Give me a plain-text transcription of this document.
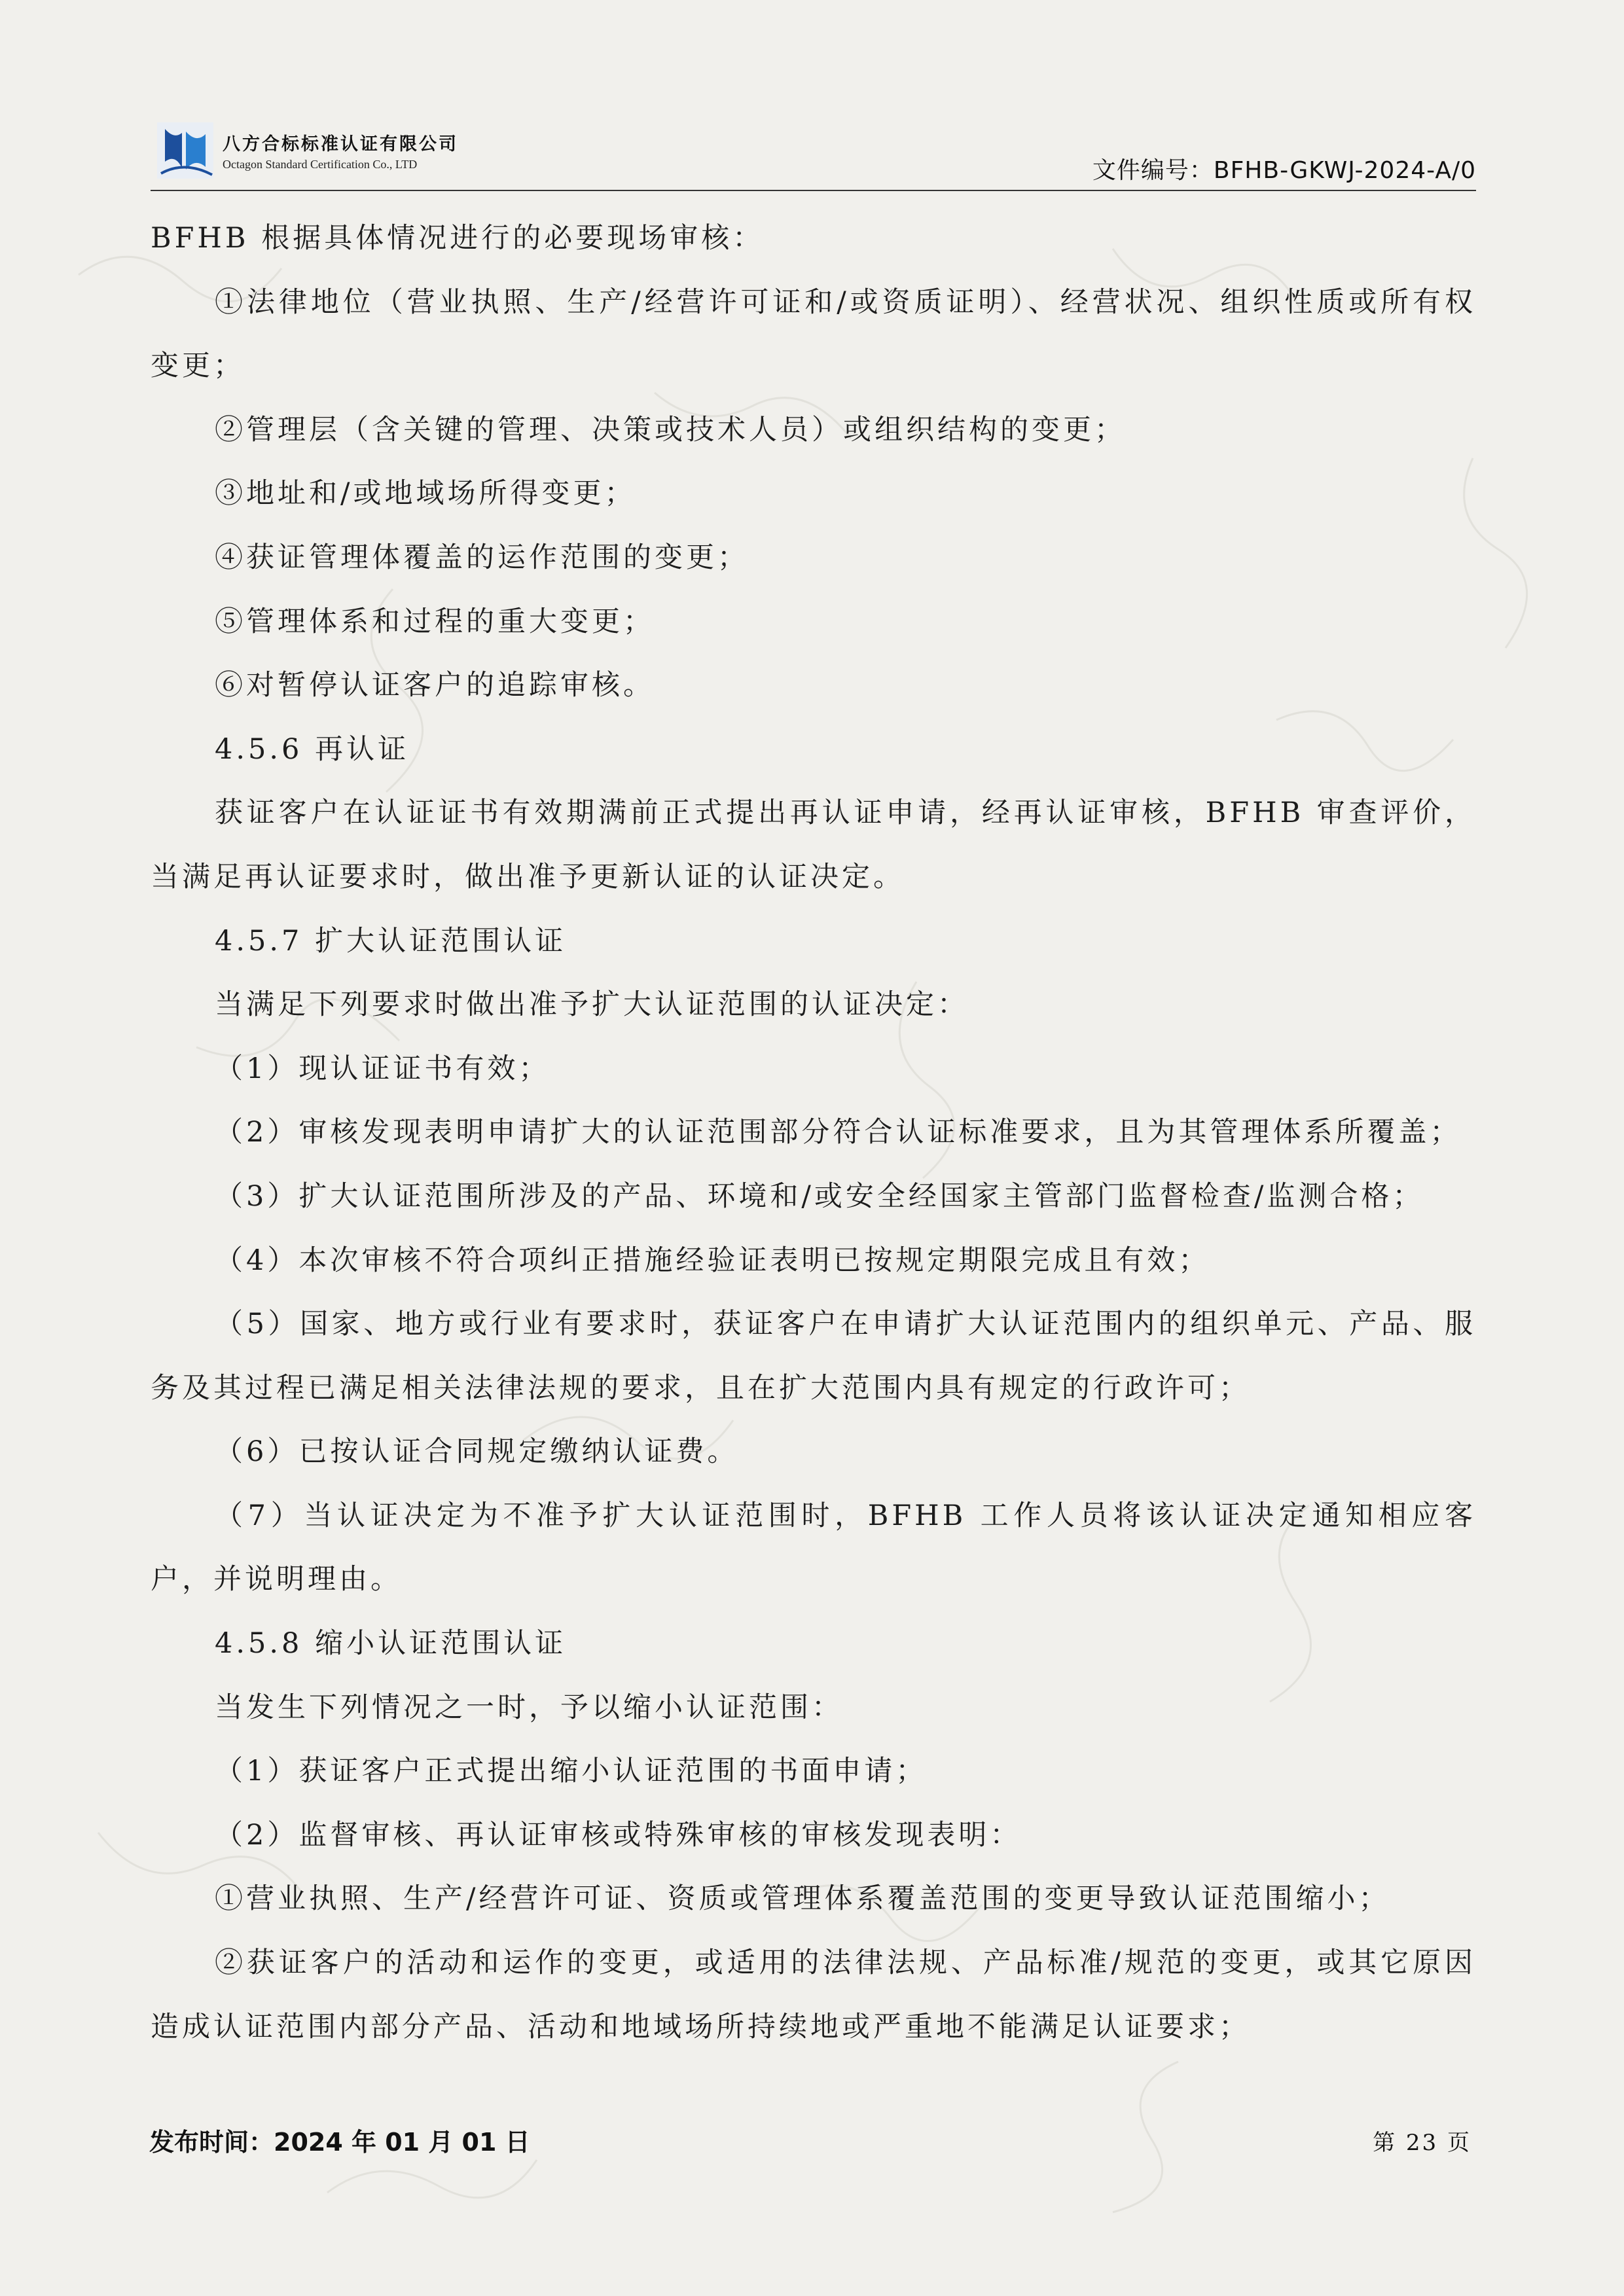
八方合标标准认证有限公司
Octagon Standard Certification Co., LTD	文件编号：BFHB-GKWJ-2024-A/0

BFHB 根据具体情况进行的必要现场审核：

①法律地位（营业执照、生产/经营许可证和/或资质证明）、经营状况、组织性质或所有权变更；

②管理层（含关键的管理、决策或技术人员）或组织结构的变更；

③地址和/或地域场所得变更；

④获证管理体覆盖的运作范围的变更；

⑤管理体系和过程的重大变更；

⑥对暂停认证客户的追踪审核。

4.5.6 再认证

获证客户在认证证书有效期满前正式提出再认证申请，经再认证审核，BFHB 审查评价，当满足再认证要求时，做出准予更新认证的认证决定。

4.5.7 扩大认证范围认证

当满足下列要求时做出准予扩大认证范围的认证决定：

（1）现认证证书有效；

（2）审核发现表明申请扩大的认证范围部分符合认证标准要求，且为其管理体系所覆盖；

（3）扩大认证范围所涉及的产品、环境和/或安全经国家主管部门监督检查/监测合格；

（4）本次审核不符合项纠正措施经验证表明已按规定期限完成且有效；

（5）国家、地方或行业有要求时，获证客户在申请扩大认证范围内的组织单元、产品、服务及其过程已满足相关法律法规的要求，且在扩大范围内具有规定的行政许可；

（6）已按认证合同规定缴纳认证费。

（7）当认证决定为不准予扩大认证范围时，BFHB 工作人员将该认证决定通知相应客户，并说明理由。

4.5.8 缩小认证范围认证

当发生下列情况之一时，予以缩小认证范围：

（1）获证客户正式提出缩小认证范围的书面申请；

（2）监督审核、再认证审核或特殊审核的审核发现表明：

①营业执照、生产/经营许可证、资质或管理体系覆盖范围的变更导致认证范围缩小；

②获证客户的活动和运作的变更，或适用的法律法规、产品标准/规范的变更，或其它原因造成认证范围内部分产品、活动和地域场所持续地或严重地不能满足认证要求；

发布时间：2024 年 01 月 01 日	第 23 页
